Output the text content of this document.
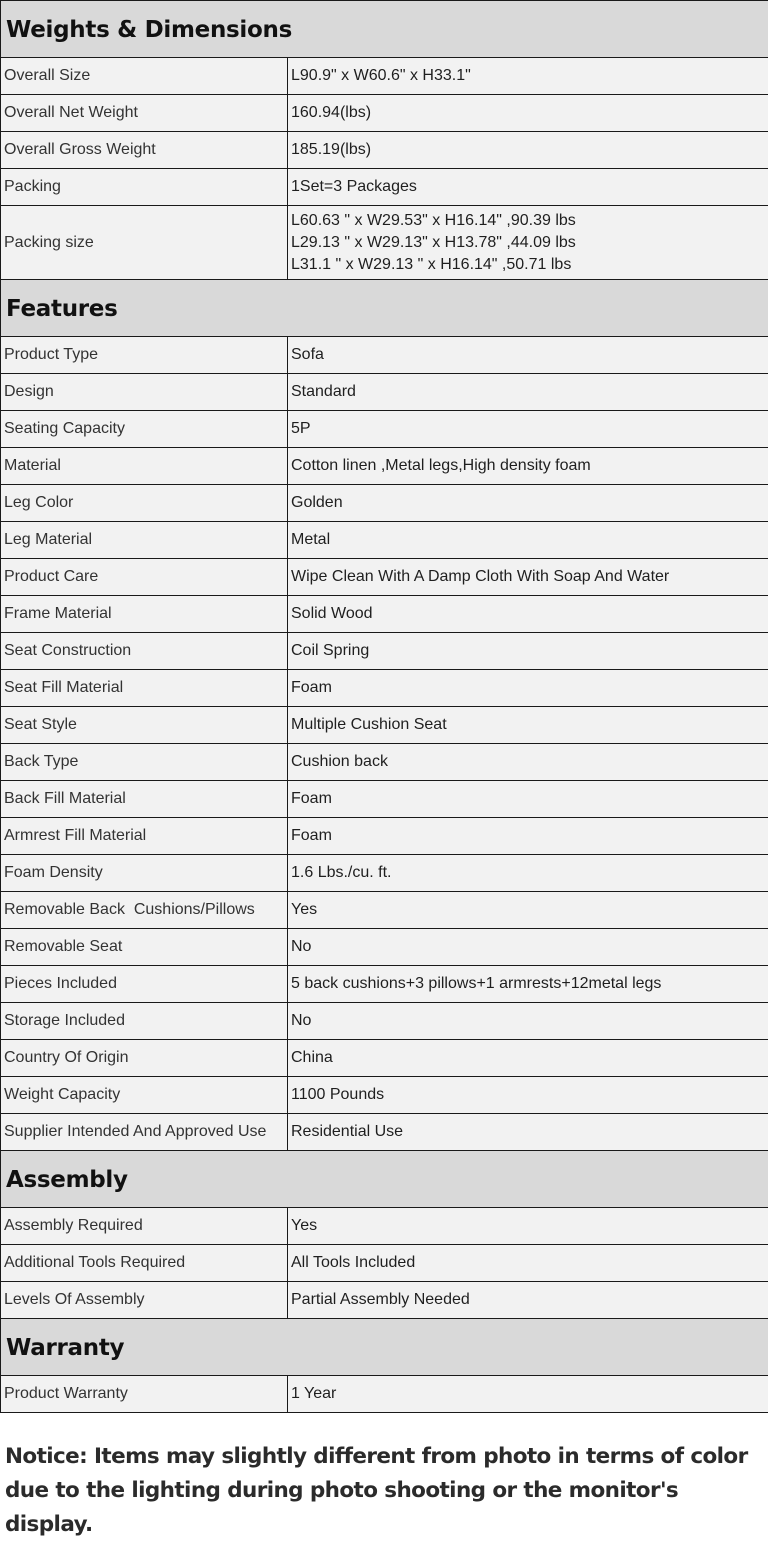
Weights & Dimensions	
Overall Size	L90.9" x W60.6" x H33.1"
Overall Net Weight	160.94(lbs)
Overall Gross Weight	185.19(lbs)
Packing	1Set=3 Packages
Packing size	L60.63 " x W29.53" x H16.14" ,90.39 lbs
L29.13 " x W29.13" x H13.78" ,44.09 lbs
L31.1 " x W29.13 " x H16.14" ,50.71 lbs

Features	
Product Type	Sofa
Design	Standard
Seating Capacity	5P
Material	Cotton linen ,Metal legs,High density foam
Leg Color	Golden
Leg Material	Metal
Product Care	Wipe Clean With A Damp Cloth With Soap And Water
Frame Material	Solid Wood
Seat Construction	Coil Spring
Seat Fill Material	Foam
Seat Style	Multiple Cushion Seat
Back Type	Cushion back
Back Fill Material	Foam
Armrest Fill Material	Foam
Foam Density	1.6 Lbs./cu. ft.
Removable Back  Cushions/Pillows	Yes
Removable Seat	No
Pieces Included	5 back cushions+3 pillows+1 armrests+12metal legs
Storage Included	No
Country Of Origin	China
Weight Capacity	1100 Pounds
Supplier Intended And Approved Use	Residential Use
Assembly	
Assembly Required	Yes
Additional Tools Required	All Tools Included
Levels Of Assembly	Partial Assembly Needed
Warranty	
Product Warranty	1 Year
Notice: Items may slightly different from photo in terms of color
due to the lighting during photo shooting or the monitor's display.
